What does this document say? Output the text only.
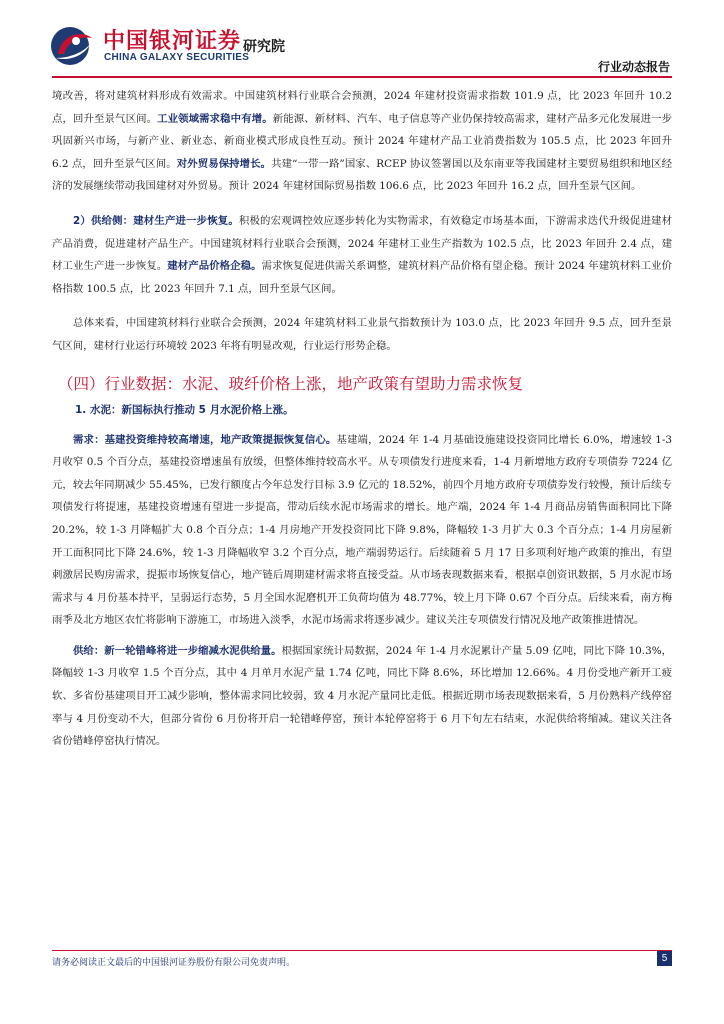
中国银河证券
CHINA GALAXY SECURITIES
研究院
行业动态报告

境改善，将对建筑材料形成有效需求。中国建筑材料行业联合会预测，2024 年建材投资需求指数 101.9 点，比 2023 年回升 10.2 点，回升至景气区间。工业领域需求稳中有增。新能源、新材料、汽车、电子信息等产业仍保持较高需求，建材产品多元化发展进一步巩固新兴市场，与新产业、新业态、新商业模式形成良性互动。预计 2024 年建材产品工业消费指数为 105.5 点，比 2023 年回升 6.2 点，回升至景气区间。对外贸易保持增长。共建“一带一路”国家、RCEP 协议签署国以及东南亚等我国建材主要贸易组织和地区经济的发展继续带动我国建材对外贸易。预计 2024 年建材国际贸易指数 106.6 点，比 2023 年回升 16.2 点，回升至景气区间。

2）供给侧：建材生产进一步恢复。积极的宏观调控效应逐步转化为实物需求，有效稳定市场基本面，下游需求迭代升级促进建材产品消费，促进建材产品生产。中国建筑材料行业联合会预测，2024 年建材工业生产指数为 102.5 点，比 2023 年回升 2.4 点，建材工业生产进一步恢复。建材产品价格企稳。需求恢复促进供需关系调整，建筑材料产品价格有望企稳。预计 2024 年建筑材料工业价格指数 100.5 点，比 2023 年回升 7.1 点，回升至景气区间。

总体来看，中国建筑材料行业联合会预测，2024 年建筑材料工业景气指数预计为 103.0 点，比 2023 年回升 9.5 点，回升至景气区间，建材行业运行环境较 2023 年将有明显改观，行业运行形势企稳。

（四）行业数据：水泥、玻纤价格上涨，地产政策有望助力需求恢复
1. 水泥：新国标执行推动 5 月水泥价格上涨。

需求：基建投资维持较高增速，地产政策提振恢复信心。基建端，2024 年 1-4 月基础设施建设投资同比增长 6.0%，增速较 1-3 月收窄 0.5 个百分点，基建投资增速虽有放缓，但整体维持较高水平。从专项债发行进度来看，1-4 月新增地方政府专项债券 7224 亿元，较去年同期减少 55.45%，已发行额度占今年总发行目标 3.9 亿元的 18.52%，前四个月地方政府专项债券发行较慢，预计后续专项债发行将提速，基建投资增速有望进一步提高，带动后续水泥市场需求的增长。地产端，2024 年 1-4 月商品房销售面积同比下降 20.2%，较 1-3 月降幅扩大 0.8 个百分点；1-4 月房地产开发投资同比下降 9.8%，降幅较 1-3 月扩大 0.3 个百分点；1-4 月房屋新开工面积同比下降 24.6%，较 1-3 月降幅收窄 3.2 个百分点，地产端弱势运行。后续随着 5 月 17 日多项利好地产政策的推出，有望刺激居民购房需求，提振市场恢复信心，地产链后周期建材需求将直接受益。从市场表现数据来看，根据卓创资讯数据，5 月水泥市场需求与 4 月份基本持平，呈弱运行态势，5 月全国水泥磨机开工负荷均值为 48.77%，较上月下降 0.67 个百分点。后续来看，南方梅雨季及北方地区农忙将影响下游施工，市场进入淡季，水泥市场需求将逐步减少。建议关注专项债发行情况及地产政策推进情况。

供给：新一轮错峰将进一步缩减水泥供给量。根据国家统计局数据，2024 年 1-4 月水泥累计产量 5.09 亿吨，同比下降 10.3%，降幅较 1-3 月收窄 1.5 个百分点，其中 4 月单月水泥产量 1.74 亿吨，同比下降 8.6%，环比增加 12.66%。4 月份受地产新开工疲软、多省份基建项目开工减少影响，整体需求同比较弱，致 4 月水泥产量同比走低。根据近期市场表现数据来看，5 月份熟料产线停窑率与 4 月份变动不大，但部分省份 6 月份将开启一轮错峰停窑，预计本轮停窑将于 6 月下旬左右结束，水泥供给将缩减。建议关注各省份错峰停窑执行情况。

请务必阅读正文最后的中国银河证券股份有限公司免责声明。	5
